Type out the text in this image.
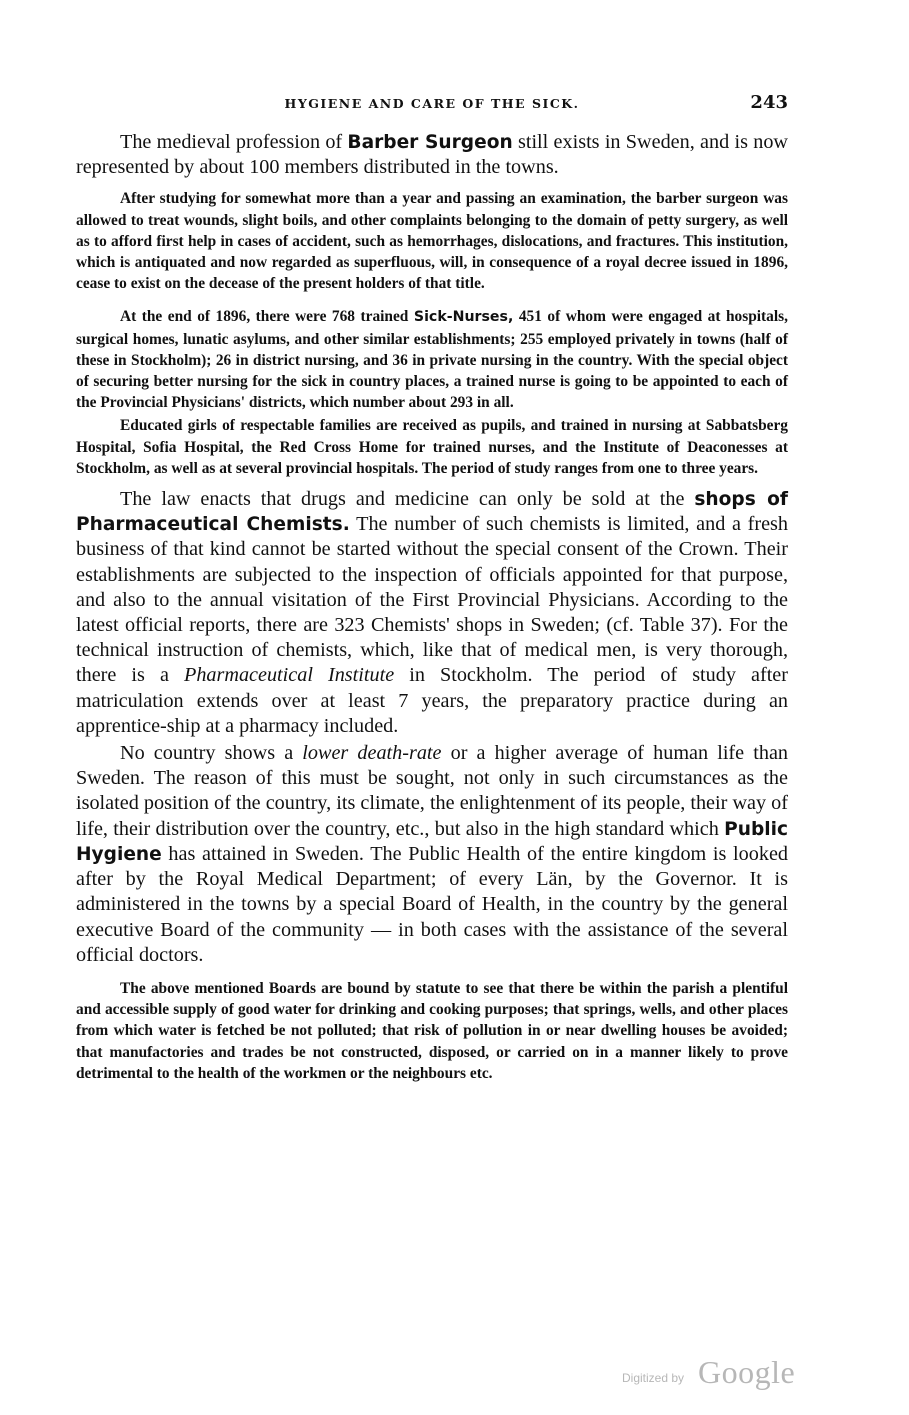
HYGIENE AND CARE OF THE SICK.	243

The medieval profession of Barber Surgeon still exists in Sweden, and is now represented by about 100 members distributed in the towns.

After studying for somewhat more than a year and passing an examination, the barber surgeon was allowed to treat wounds, slight boils, and other complaints belonging to the domain of petty surgery, as well as to afford first help in cases of accident, such as hemorrhages, dislocations, and fractures. This institution, which is antiquated and now regarded as superfluous, will, in consequence of a royal decree issued in 1896, cease to exist on the decease of the present holders of that title.

At the end of 1896, there were 768 trained Sick-Nurses, 451 of whom were engaged at hospitals, surgical homes, lunatic asylums, and other similar establishments; 255 employed privately in towns (half of these in Stockholm); 26 in district nursing, and 36 in private nursing in the country. With the special object of securing better nursing for the sick in country places, a trained nurse is going to be appointed to each of the Provincial Physicians' districts, which number about 293 in all.

Educated girls of respectable families are received as pupils, and trained in nursing at Sabbatsberg Hospital, Sofia Hospital, the Red Cross Home for trained nurses, and the Institute of Deaconesses at Stockholm, as well as at several provincial hospitals. The period of study ranges from one to three years.

The law enacts that drugs and medicine can only be sold at the shops of Pharmaceutical Chemists. The number of such chemists is limited, and a fresh business of that kind cannot be started without the special consent of the Crown. Their establishments are subjected to the inspection of officials appointed for that purpose, and also to the annual visitation of the First Provincial Physicians. According to the latest official reports, there are 323 Chemists' shops in Sweden; (cf. Table 37). For the technical instruction of chemists, which, like that of medical men, is very thorough, there is a Pharmaceutical Institute in Stockholm. The period of study after matriculation extends over at least 7 years, the preparatory practice during an apprentice-ship at a pharmacy included.

No country shows a lower death-rate or a higher average of human life than Sweden. The reason of this must be sought, not only in such circumstances as the isolated position of the country, its climate, the enlightenment of its people, their way of life, their distribution over the country, etc., but also in the high standard which Public Hygiene has attained in Sweden. The Public Health of the entire kingdom is looked after by the Royal Medical Department; of every Län, by the Governor. It is administered in the towns by a special Board of Health, in the country by the general executive Board of the community — in both cases with the assistance of the several official doctors.

The above mentioned Boards are bound by statute to see that there be within the parish a plentiful and accessible supply of good water for drinking and cooking purposes; that springs, wells, and other places from which water is fetched be not polluted; that risk of pollution in or near dwelling houses be avoided; that manufactories and trades be not constructed, disposed, or carried on in a manner likely to prove detrimental to the health of the workmen or the neighbours etc.

Digitized by Google
